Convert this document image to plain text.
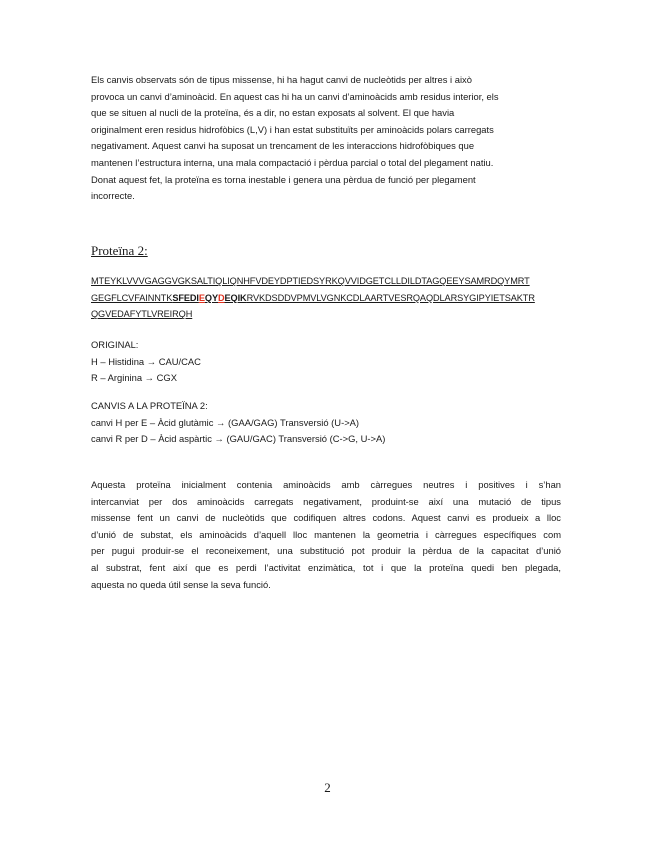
Els canvis observats són de tipus missense, hi ha hagut canvi de nucleòtids per altres i això
provoca un canvi d’aminoàcid. En aquest cas hi ha un canvi d’aminoàcids amb residus interior, els
que se situen al nucli de la proteïna, és a dir, no estan exposats al solvent. El que havia
originalment eren residus hidrofòbics (L,V) i han estat substituïts per aminoàcids polars carregats
negativament. Aquest canvi ha suposat un trencament de les interaccions hidrofòbiques que
mantenen l’estructura interna, una mala compactació i pèrdua parcial o total del plegament natiu.
Donat aquest fet, la proteïna es torna inestable i genera una pèrdua de funció per plegament
incorrecte.

Proteïna 2:

MTEYKLVVVGAGGVGKSALTIQLIQNHFVDEYDPTIEDSYRKQVVIDGETCLLDILDTAGQEEYSAMRDQYMRT
GEGFLCVFAINNTKSFEDIEQYDEQIKRVKDSDDVPMVLVGNKCDLAARTVESRQAQDLARSYGIPYIETSAKTR
QGVEDAFYTLVREIRQH

ORIGINAL:
H – Histidina → CAU/CAC
R – Arginina → CGX

CANVIS A LA PROTEÏNA 2:
canvi H per E – Àcid glutàmic → (GAA/GAG) Transversió (U->A)
canvi R per D – Àcid aspàrtic → (GAU/GAC) Transversió (C->G, U->A)

Aquesta proteïna inicialment contenia aminoàcids amb càrregues neutres i positives i s’han
intercanviat per dos aminoàcids carregats negativament, produint-se així una mutació de tipus
missense fent un canvi de nucleòtids que codifiquen altres codons. Aquest canvi es produeix a lloc
d’unió de substat, els aminoàcids d’aquell lloc mantenen la geometria i càrregues específiques com
per pugui produir-se el reconeixement, una substitució pot produir la pèrdua de la capacitat d’unió
al substrat, fent així que es perdi l’activitat enzimàtica, tot i que la proteïna quedi ben plegada,
aquesta no queda útil sense la seva funció.

2
